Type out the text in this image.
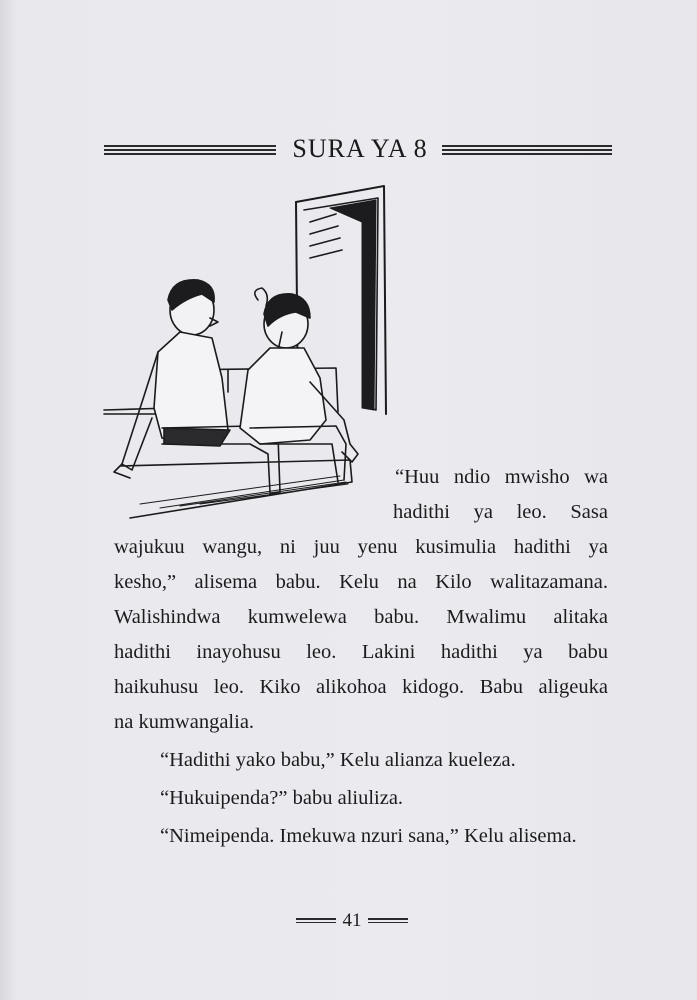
SURA YA 8
“Huu ndio mwisho wa
hadithi ya leo. Sasa
wajukuu wangu, ni juu yenu kusimulia hadithi ya
kesho,” alisema babu. Kelu na Kilo walitazamana.
Walishindwa kumwelewa babu. Mwalimu alitaka
hadithi inayohusu leo. Lakini hadithi ya babu
haikuhusu leo. Kiko alikohoa kidogo. Babu aligeuka
na kumwangalia.
“Hadithi yako babu,” Kelu alianza kueleza.
“Hukuipenda?” babu aliuliza.
“Nimeipenda. Imekuwa nzuri sana,” Kelu alisema.
41
